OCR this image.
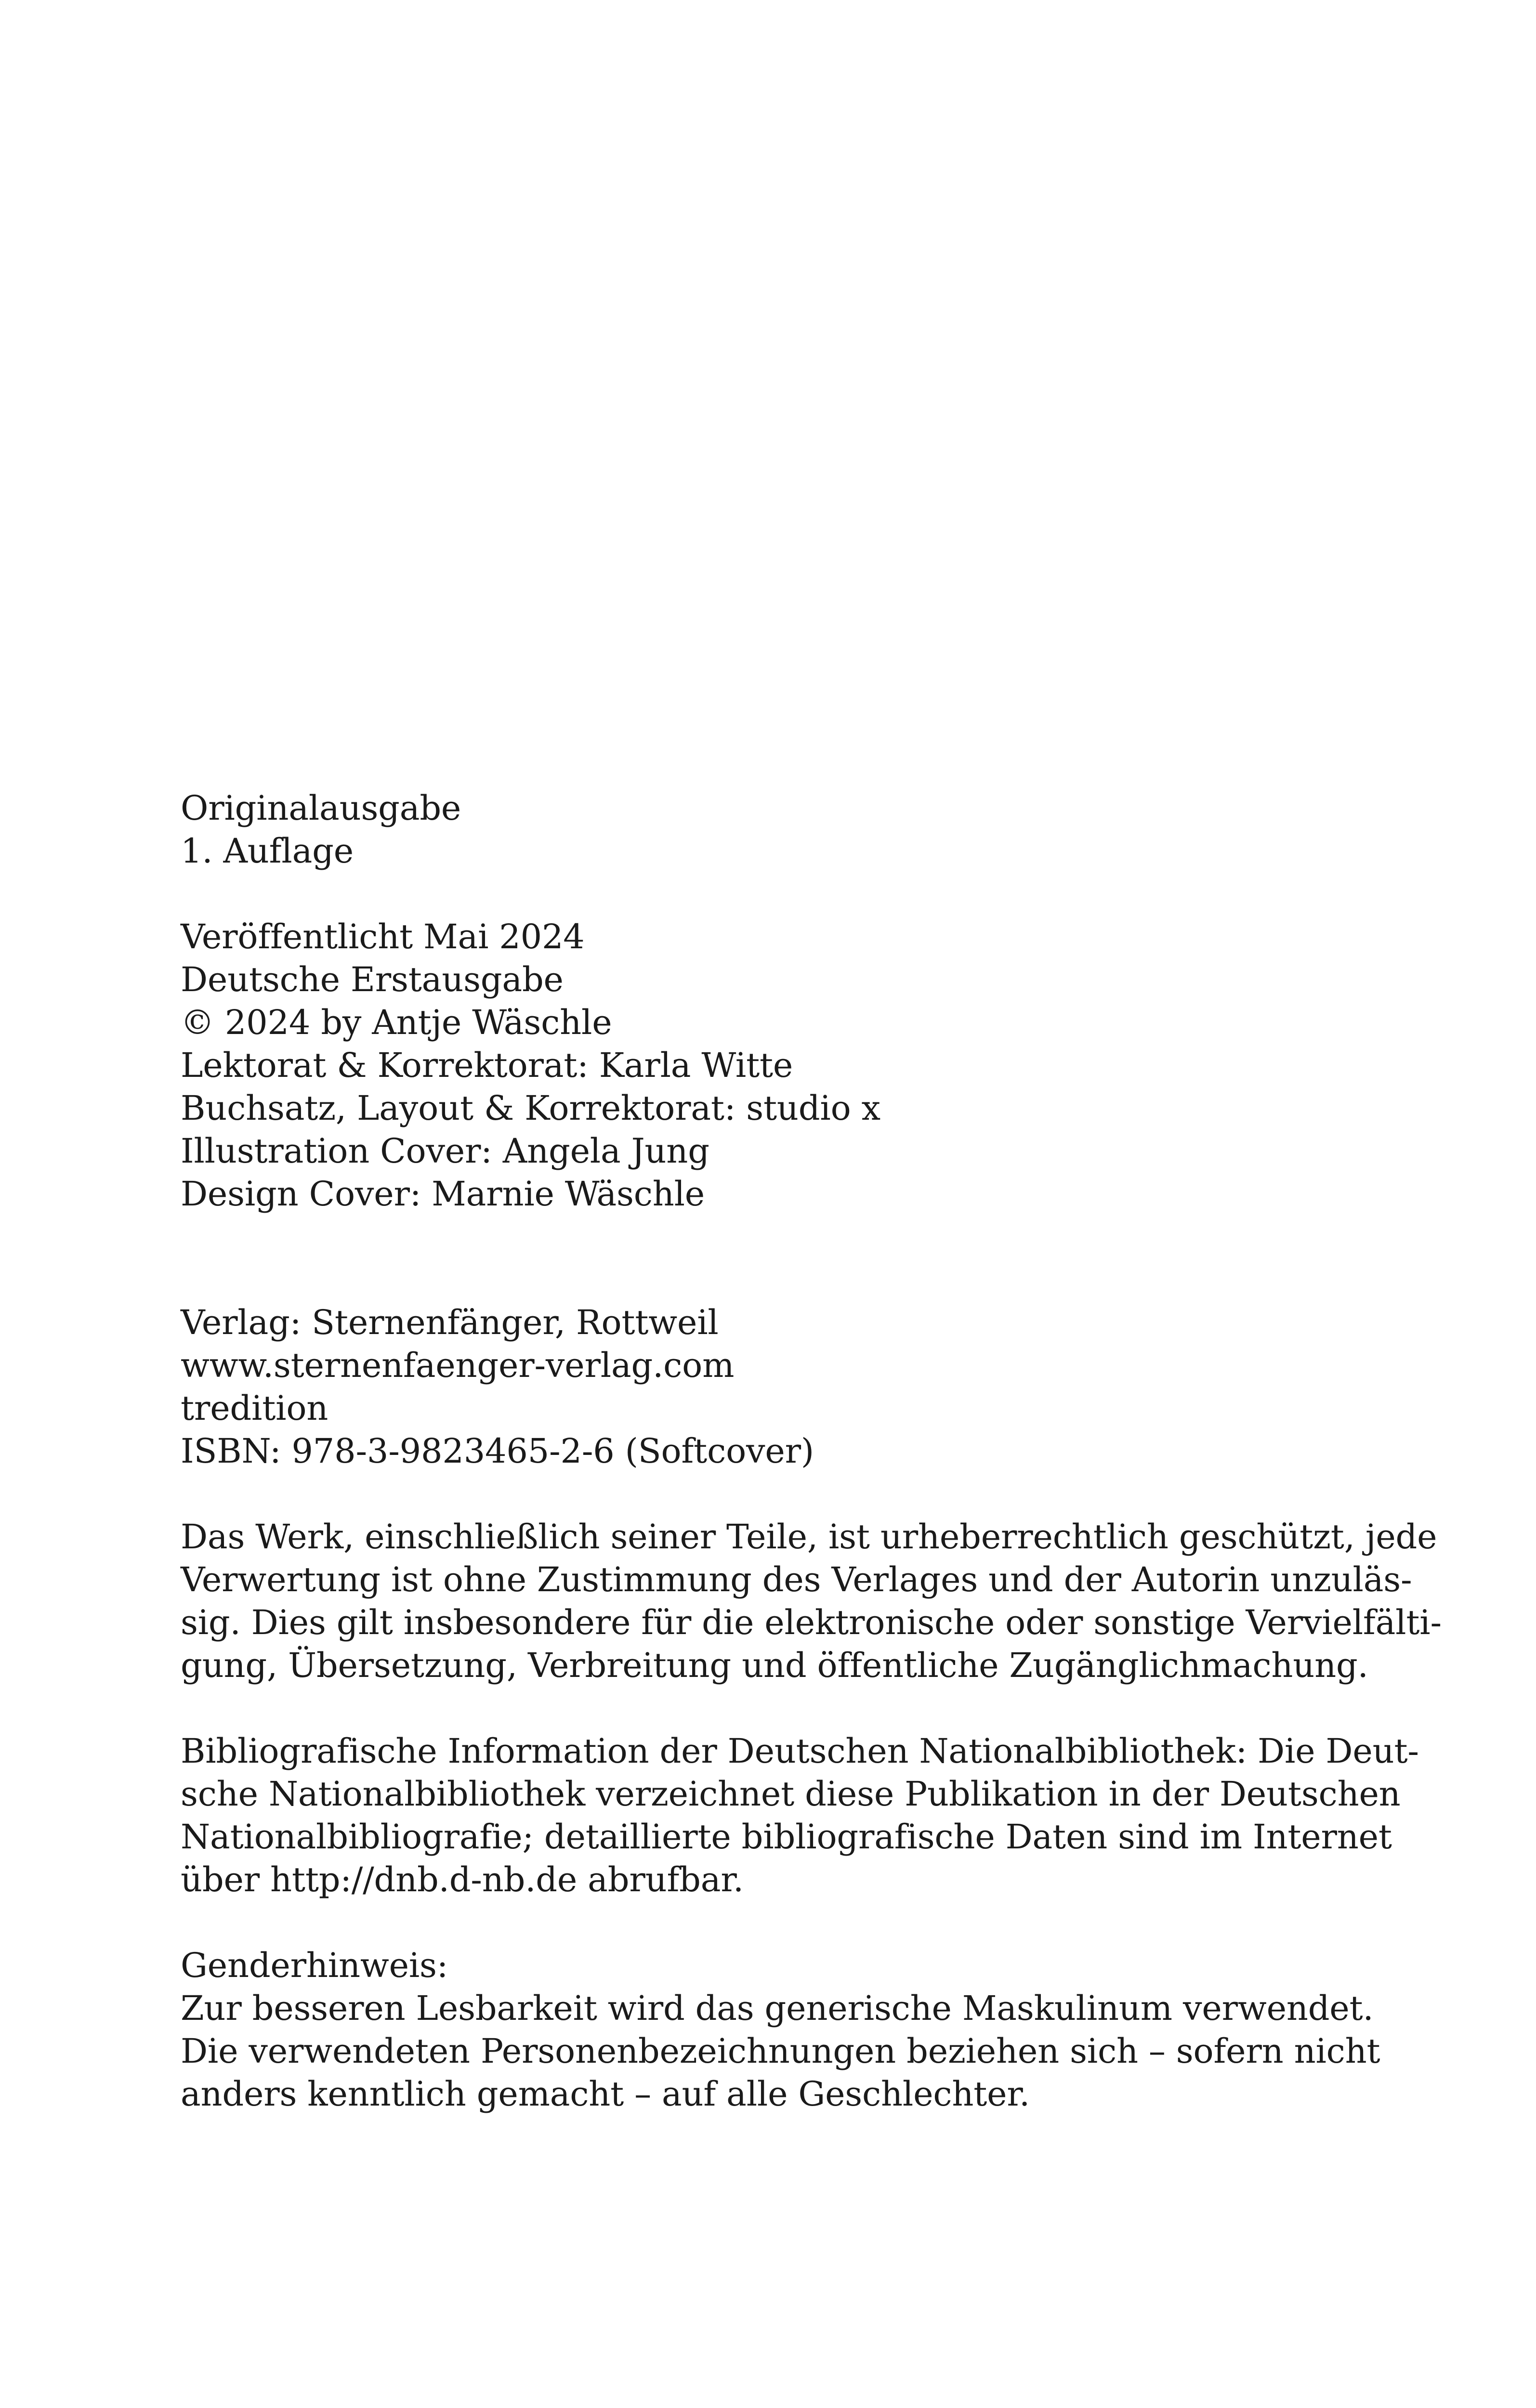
Originalausgabe
1. Auflage
Veröffentlicht Mai 2024
Deutsche Erstausgabe
© 2024 by Antje Wäschle
Lektorat & Korrektorat: Karla Witte
Buchsatz, Layout & Korrektorat: studio x
Illustration Cover: Angela Jung
Design Cover: Marnie Wäschle
Verlag: Sternenfänger, Rottweil
www.sternenfaenger-verlag.com
tredition
ISBN: 978-3-9823465-2-6 (Softcover)
Das Werk, einschließlich seiner Teile, ist urheberrechtlich geschützt, jede
Verwertung ist ohne Zustimmung des Verlages und der Autorin unzuläs-
sig. Dies gilt insbesondere für die elektronische oder sonstige Vervielfälti-
gung, Übersetzung, Verbreitung und öffentliche Zugänglichmachung.
Bibliografische Information der Deutschen Nationalbibliothek: Die Deut-
sche Nationalbibliothek verzeichnet diese Publikation in der Deutschen
Nationalbibliografie; detaillierte bibliografische Daten sind im Internet
über http://dnb.d-nb.de abrufbar.
Genderhinweis:
Zur besseren Lesbarkeit wird das generische Maskulinum verwendet.
Die verwendeten Personenbezeichnungen beziehen sich – sofern nicht
anders kenntlich gemacht – auf alle Geschlechter.
